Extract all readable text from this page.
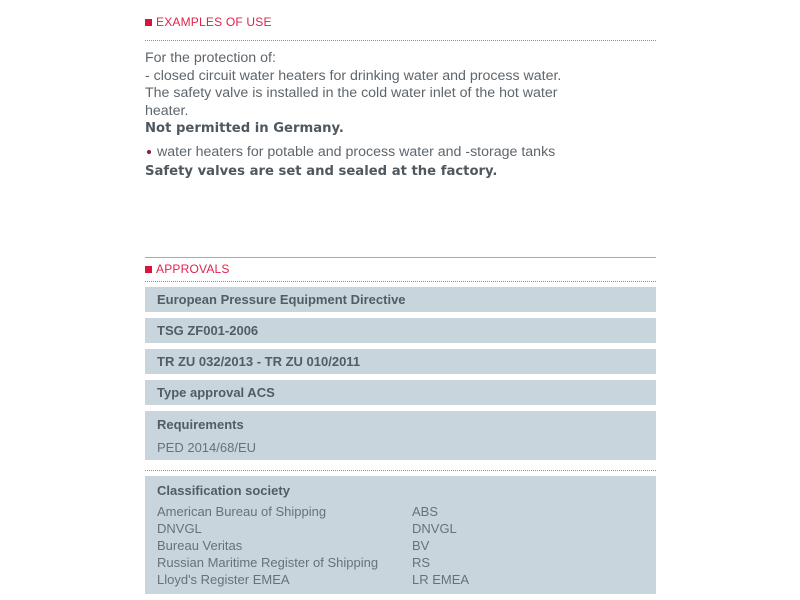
EXAMPLES OF USE
For the protection of:
- closed circuit water heaters for drinking water and process water.
The safety valve is installed in the cold water inlet of the hot water
heater.
Not permitted in Germany.
water heaters for potable and process water and -storage tanks
Safety valves are set and sealed at the factory.
APPROVALS
European Pressure Equipment Directive
TSG ZF001-2006
TR ZU 032/2013 - TR ZU 010/2011
Type approval ACS
Requirements
PED 2014/68/EU
Classification society
American Bureau of Shipping	ABS
DNVGL	DNVGL
Bureau Veritas	BV
Russian Maritime Register of Shipping	RS
Lloyd's Register EMEA	LR EMEA
